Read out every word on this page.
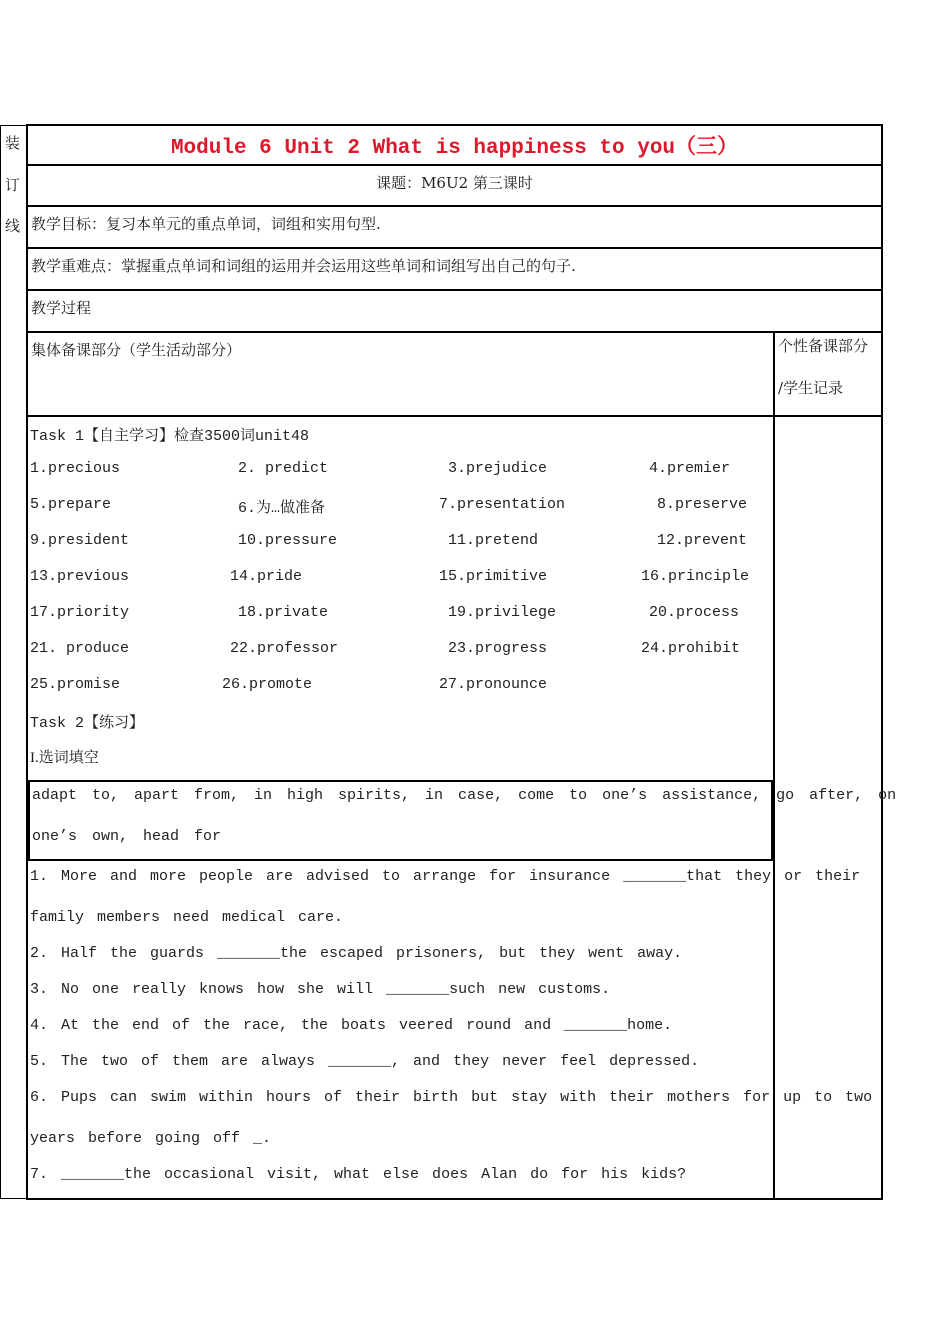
装
订
线
Module 6 Unit 2 What is happiness to you（三）
课题：M6U2 第三课时
教学目标：复习本单元的重点单词，词组和实用句型.
教学重难点：掌握重点单词和词组的运用并会运用这些单词和词组写出自己的句子.
教学过程
集体备课部分（学生活动部分）	个性备课部分
/学生记录
Task 1【自主学习】检查3500词unit48
1.precious	2. predict	3.prejudice	4.premier
5.prepare	6.为…做准备	7.presentation	8.preserve
9.president	10.pressure	11.pretend	12.prevent
13.previous	14.pride	15.primitive	16.principle
17.priority	18.private	19.privilege	20.process
21. produce	22.professor	23.progress	24.prohibit
25.promise	26.promote	27.pronounce
Task 2【练习】
I.选词填空
adapt to, apart from, in high spirits, in case, come to one’s assistance, go after, on
one’s own, head for
1. More and more people are advised to arrange for insurance _______that they or their
family members need medical care.
2. Half the guards _______the escaped prisoners, but they went away.
3. No one really knows how she will _______such new customs.
4. At the end of the race, the boats veered round and _______home.
5. The two of them are always _______, and they never feel depressed.
6. Pups can swim within hours of their birth but stay with their mothers for up to two
years before going off _.
7. _______the occasional visit, what else does Alan do for his kids?
